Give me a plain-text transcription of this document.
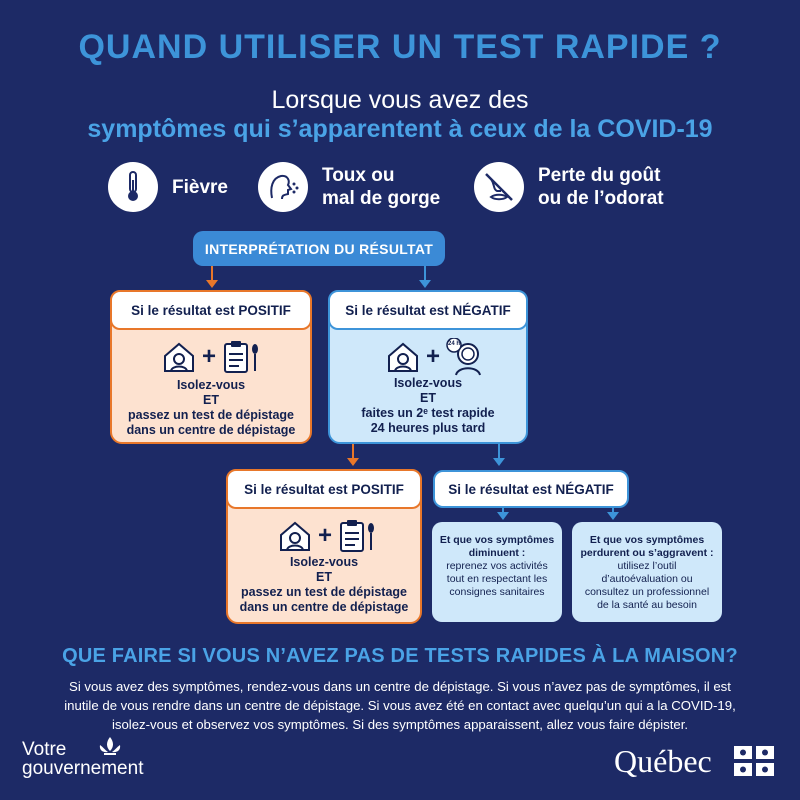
QUAND UTILISER UN TEST RAPIDE ?
Lorsque vous avez des
symptômes qui s’apparentent à ceux de la COVID-19
Fièvre
Toux ou
mal de gorge
Perte du goût
ou de l’odorat
INTERPRÉTATION DU RÉSULTAT
Si le résultat est POSITIF
+
Isolez-vous
ET
passez un test de dépistage
dans un centre de dépistage
Si le résultat est NÉGATIF
+ 24 h
Isolez-vous
ET
faites un 2ᵉ test rapide
24 heures plus tard
Si le résultat est POSITIF
+
Isolez-vous
ET
passez un test de dépistage
dans un centre de dépistage
Si le résultat est NÉGATIF
Et que vos symptômes
diminuent :
reprenez vos activités
tout en respectant les
consignes sanitaires
Et que vos symptômes
perdurent ou s’aggravent :
utilisez l’outil
d’autoévaluation ou
consultez un professionnel
de la santé au besoin
QUE FAIRE SI VOUS N’AVEZ PAS DE TESTS RAPIDES À LA MAISON?
Si vous avez des symptômes, rendez-vous dans un centre de dépistage. Si vous n’avez pas de symptômes, il est
inutile de vous rendre dans un centre de dépistage. Si vous avez été en contact avec quelqu’un qui a la COVID-19,
isolez-vous et observez vos symptômes. Si des symptômes apparaissent, allez vous faire dépister.
Votre
gouvernement	Québec
